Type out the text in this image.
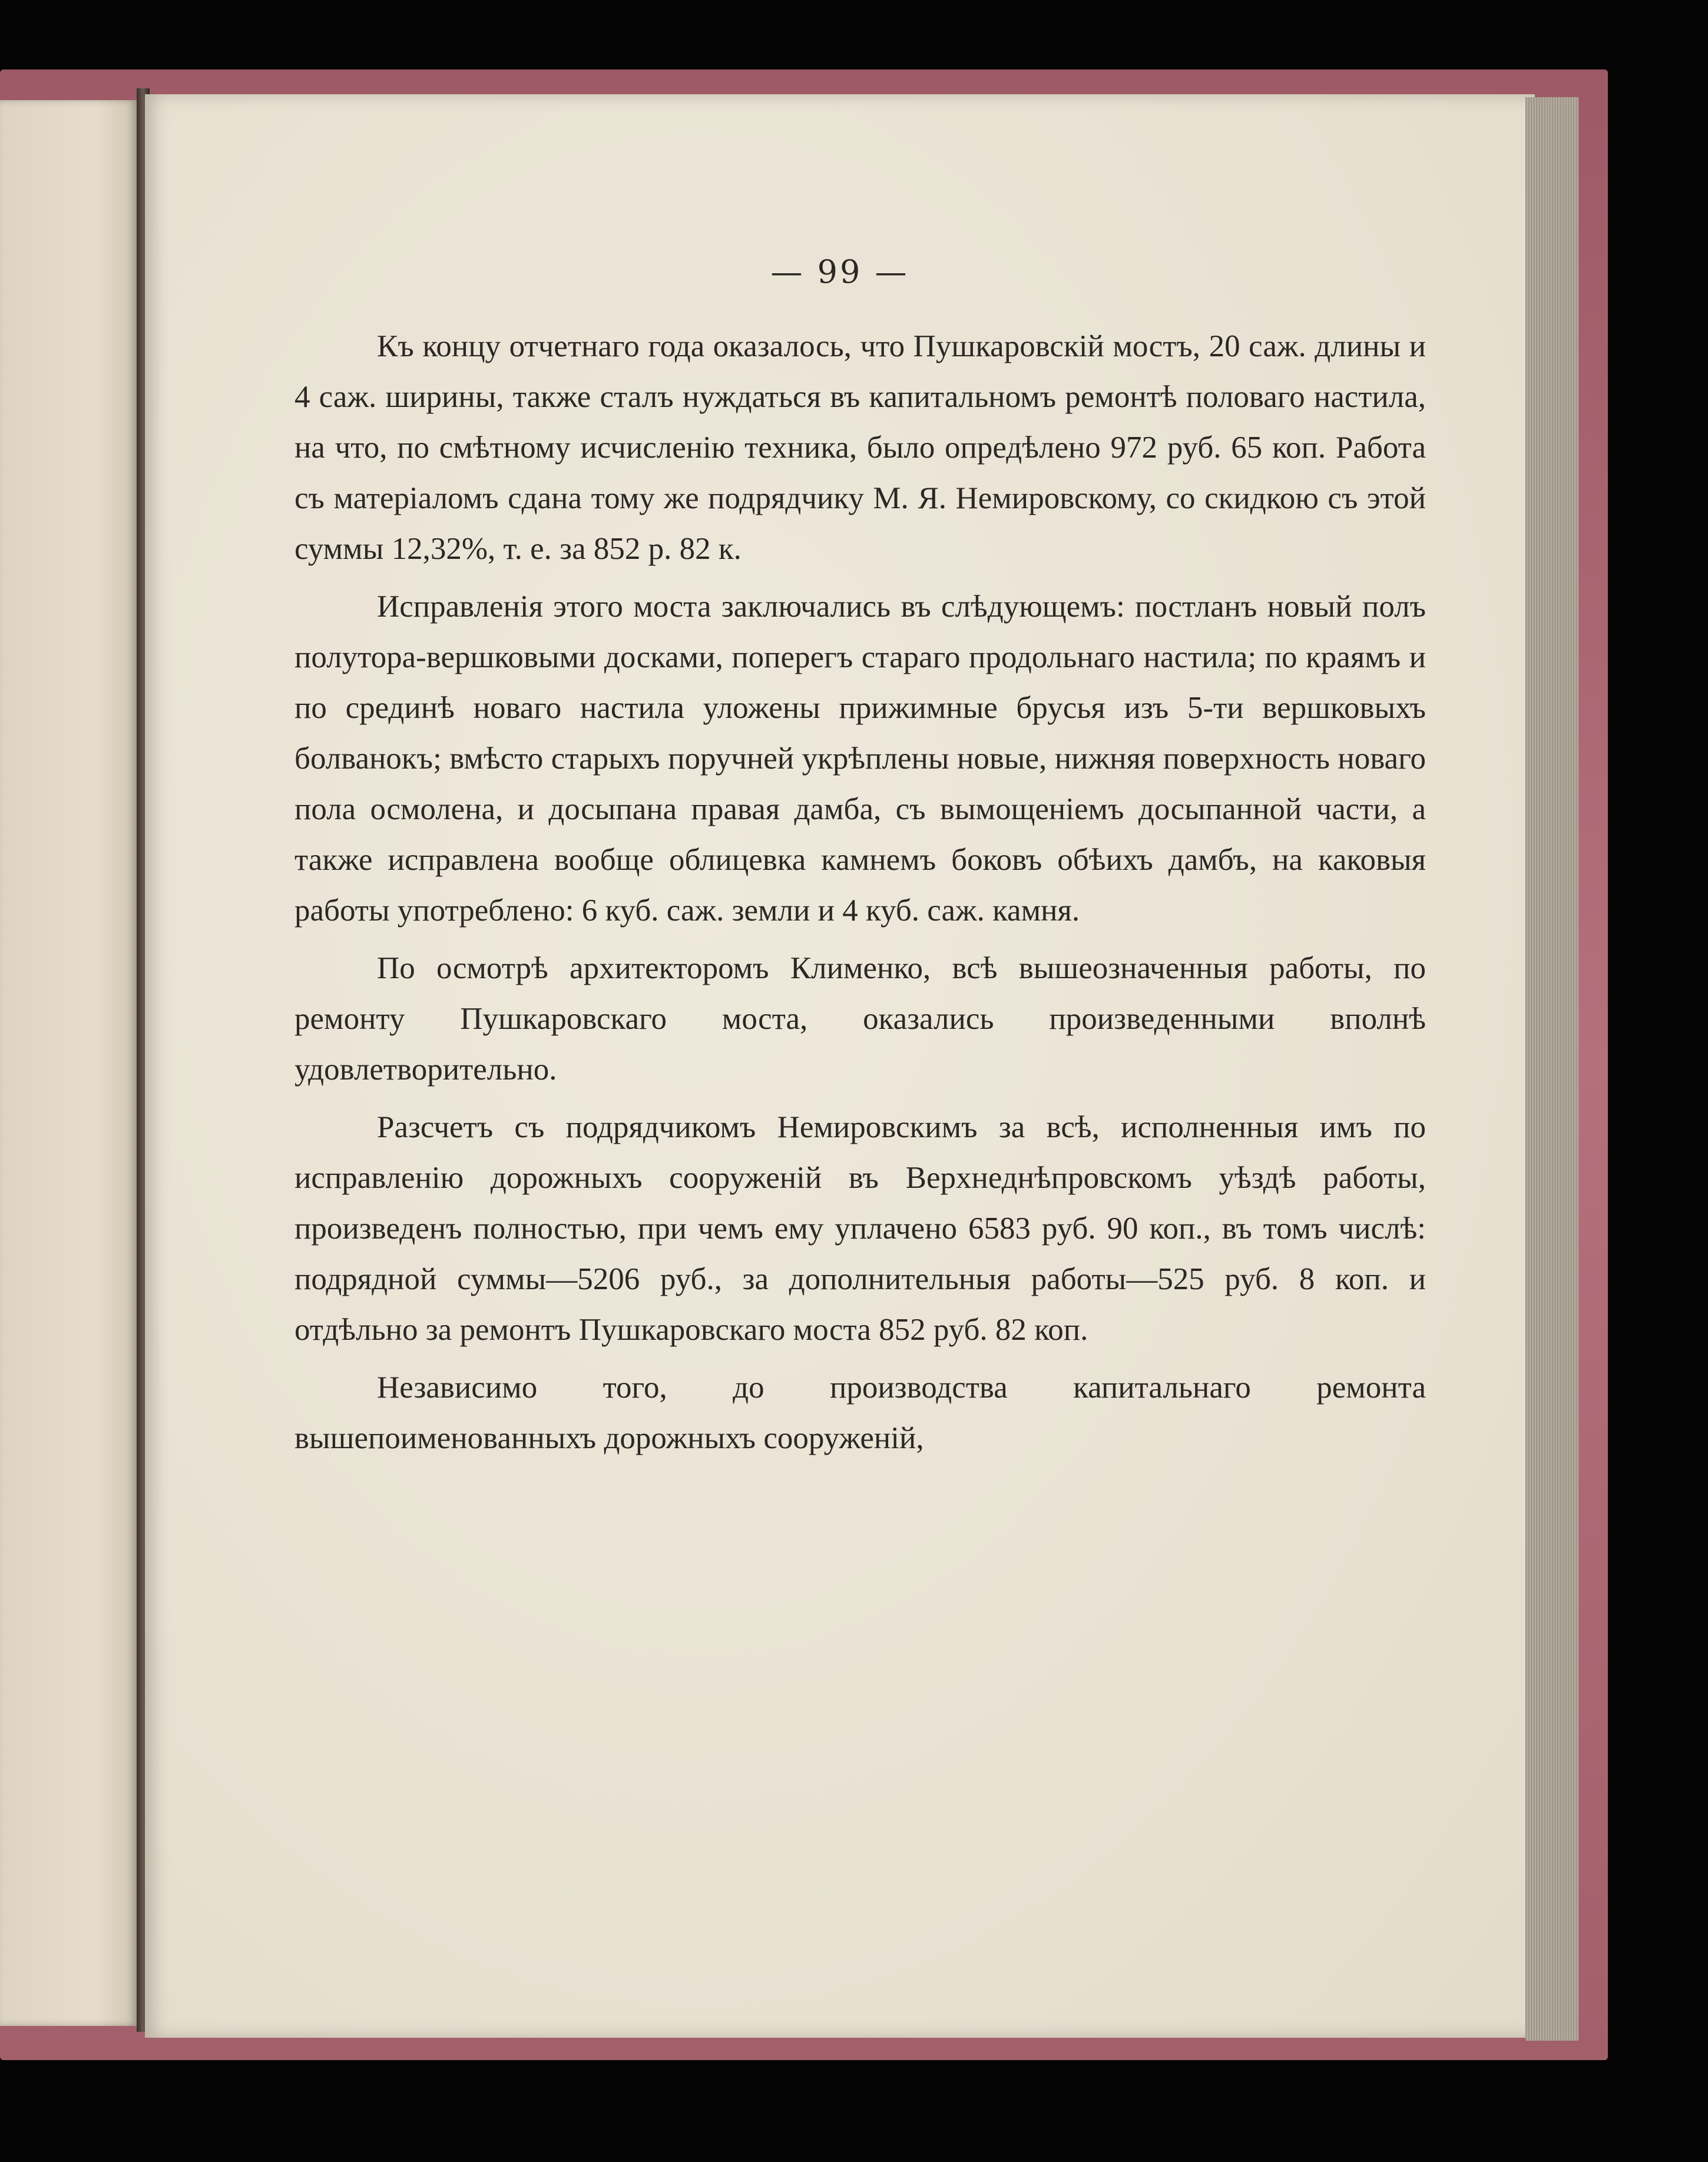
— 99 —

Къ концу отчетнаго года оказалось, что Пушкаровскій мостъ, 20 саж. длины и 4 саж. ширины, также сталъ нуждаться въ капитальномъ ремонтѣ половаго настила, на что, по смѣтному исчисленію техника, было опредѣлено 972 руб. 65 коп. Работа съ матеріаломъ сдана тому же подрядчику М. Я. Немировскому, со скидкою съ этой суммы 12,32%, т. е. за 852 р. 82 к.

Исправленія этого моста заключались въ слѣдующемъ: постланъ новый полъ полутора-вершковыми досками, поперегъ стараго продольнаго настила; по краямъ и по срединѣ новаго настила уложены прижимные брусья изъ 5-ти вершковыхъ болванокъ; вмѣсто старыхъ поручней укрѣплены новые, нижняя поверхность новаго пола осмолена, и досыпана правая дамба, съ вымощеніемъ досыпанной части, а также исправлена вообще облицевка камнемъ боковъ обѣихъ дамбъ, на каковыя работы употреблено: 6 куб. саж. земли и 4 куб. саж. камня.

По осмотрѣ архитекторомъ Клименко, всѣ вышеозначенныя работы, по ремонту Пушкаровскаго моста, оказались произведенными вполнѣ удовлетворительно.

Разсчетъ съ подрядчикомъ Немировскимъ за всѣ, исполненныя имъ по исправленію дорожныхъ сооруженій въ Верхнеднѣпровскомъ уѣздѣ работы, произведенъ полностью, при чемъ ему уплачено 6583 руб. 90 коп., въ томъ числѣ: подрядной суммы—5206 руб., за дополнительныя работы—525 руб. 8 коп. и отдѣльно за ремонтъ Пушкаровскаго моста 852 руб. 82 коп.

Независимо того, до производства капитальнаго ремонта вышепоименованныхъ дорожныхъ сооруженій,
